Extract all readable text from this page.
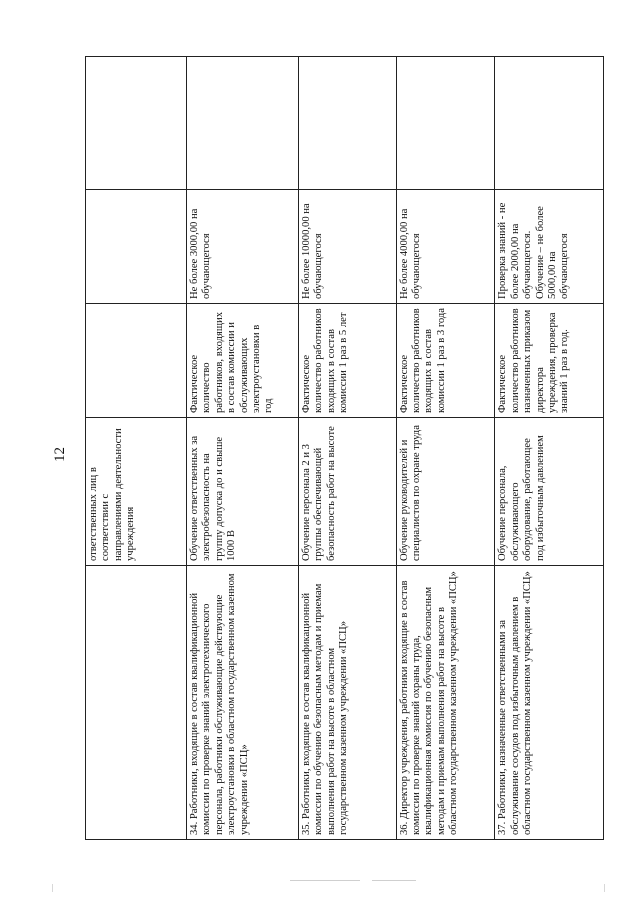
12
	ответственных лиц в соответствии с направлениями деятельности учреждения			
34. Работники, входящие в состав квалификационной комиссии по проверке знаний электротехнического персонала, работники обслуживающие действующие электроустановки в областном государственном казенном учреждении «ПСЦ»	Обучение ответственных за электробезопасность на группу допуска до и свыше 1000 В	Фактическое количество работников, входящих в состав комиссии и обслуживающих электроустановки в год	Не более 3000,00 на обучающегося	
35. Работники, входящие в состав квалификационной комиссии по обучению безопасным методам и приемам выполнения работ на высоте в областном государственном казенном учреждении «ПСЦ»	Обучение персонала 2 и 3 группы обеспечивающей безопасность работ на высоте	Фактическое количество работников входящих в состав комиссии 1 раз в 5 лет	Не более 10000,00 на обучающегося	
36. Директор учреждения, работники входящие в состав комиссии по проверке знаний охраны труда, квалификационная комиссия по обучению безопасным методам и приемам выполнения работ на высоте в областном государственном казенном учреждении «ПСЦ»	Обучение руководителей и специалистов по охране труда	Фактическое количество работников входящих в состав комиссии 1 раз в 3 года	Не более 4000,00 на обучающегося	
37. Работники, назначенные ответственными за обслуживание сосудов под избыточным давлением в областном государственном казенном учреждении «ПСЦ»	Обучение персонала, обслуживающего оборудование, работающее под избыточным давлением	Фактическое количество работников назначенных приказом директора учреждения, проверка знаний 1 раз в год.	Проверка знаний - не более 2000,00 на обучающегося. Обучение – не более 5000,00 на обучающегося	
